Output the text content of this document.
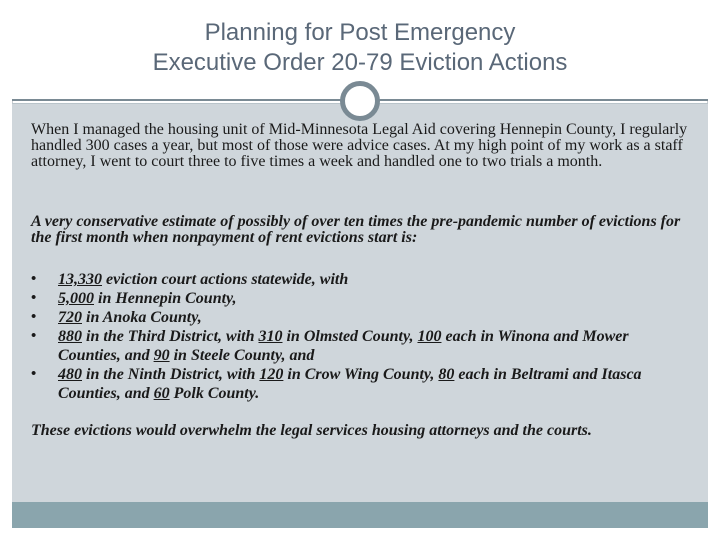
Planning for Post Emergency
Executive Order 20-79 Eviction Actions
When I managed the housing unit of Mid-Minnesota Legal Aid covering Hennepin County, I regularly handled 300 cases a year, but most of those were advice cases. At my high point of my work as a staff attorney, I went to court three to five times a week and handled one to two trials a month.
A very conservative estimate of possibly of over ten times the pre-pandemic number of evictions for the first month when nonpayment of rent evictions start is:
• 13,330 eviction court actions statewide, with
• 5,000 in Hennepin County,
• 720 in Anoka County,
• 880 in the Third District, with 310 in Olmsted County, 100 each in Winona and Mower Counties, and 90 in Steele County, and
• 480 in the Ninth District, with 120 in Crow Wing County, 80 each in Beltrami and Itasca Counties, and 60 Polk County.
These evictions would overwhelm the legal services housing attorneys and the courts.
